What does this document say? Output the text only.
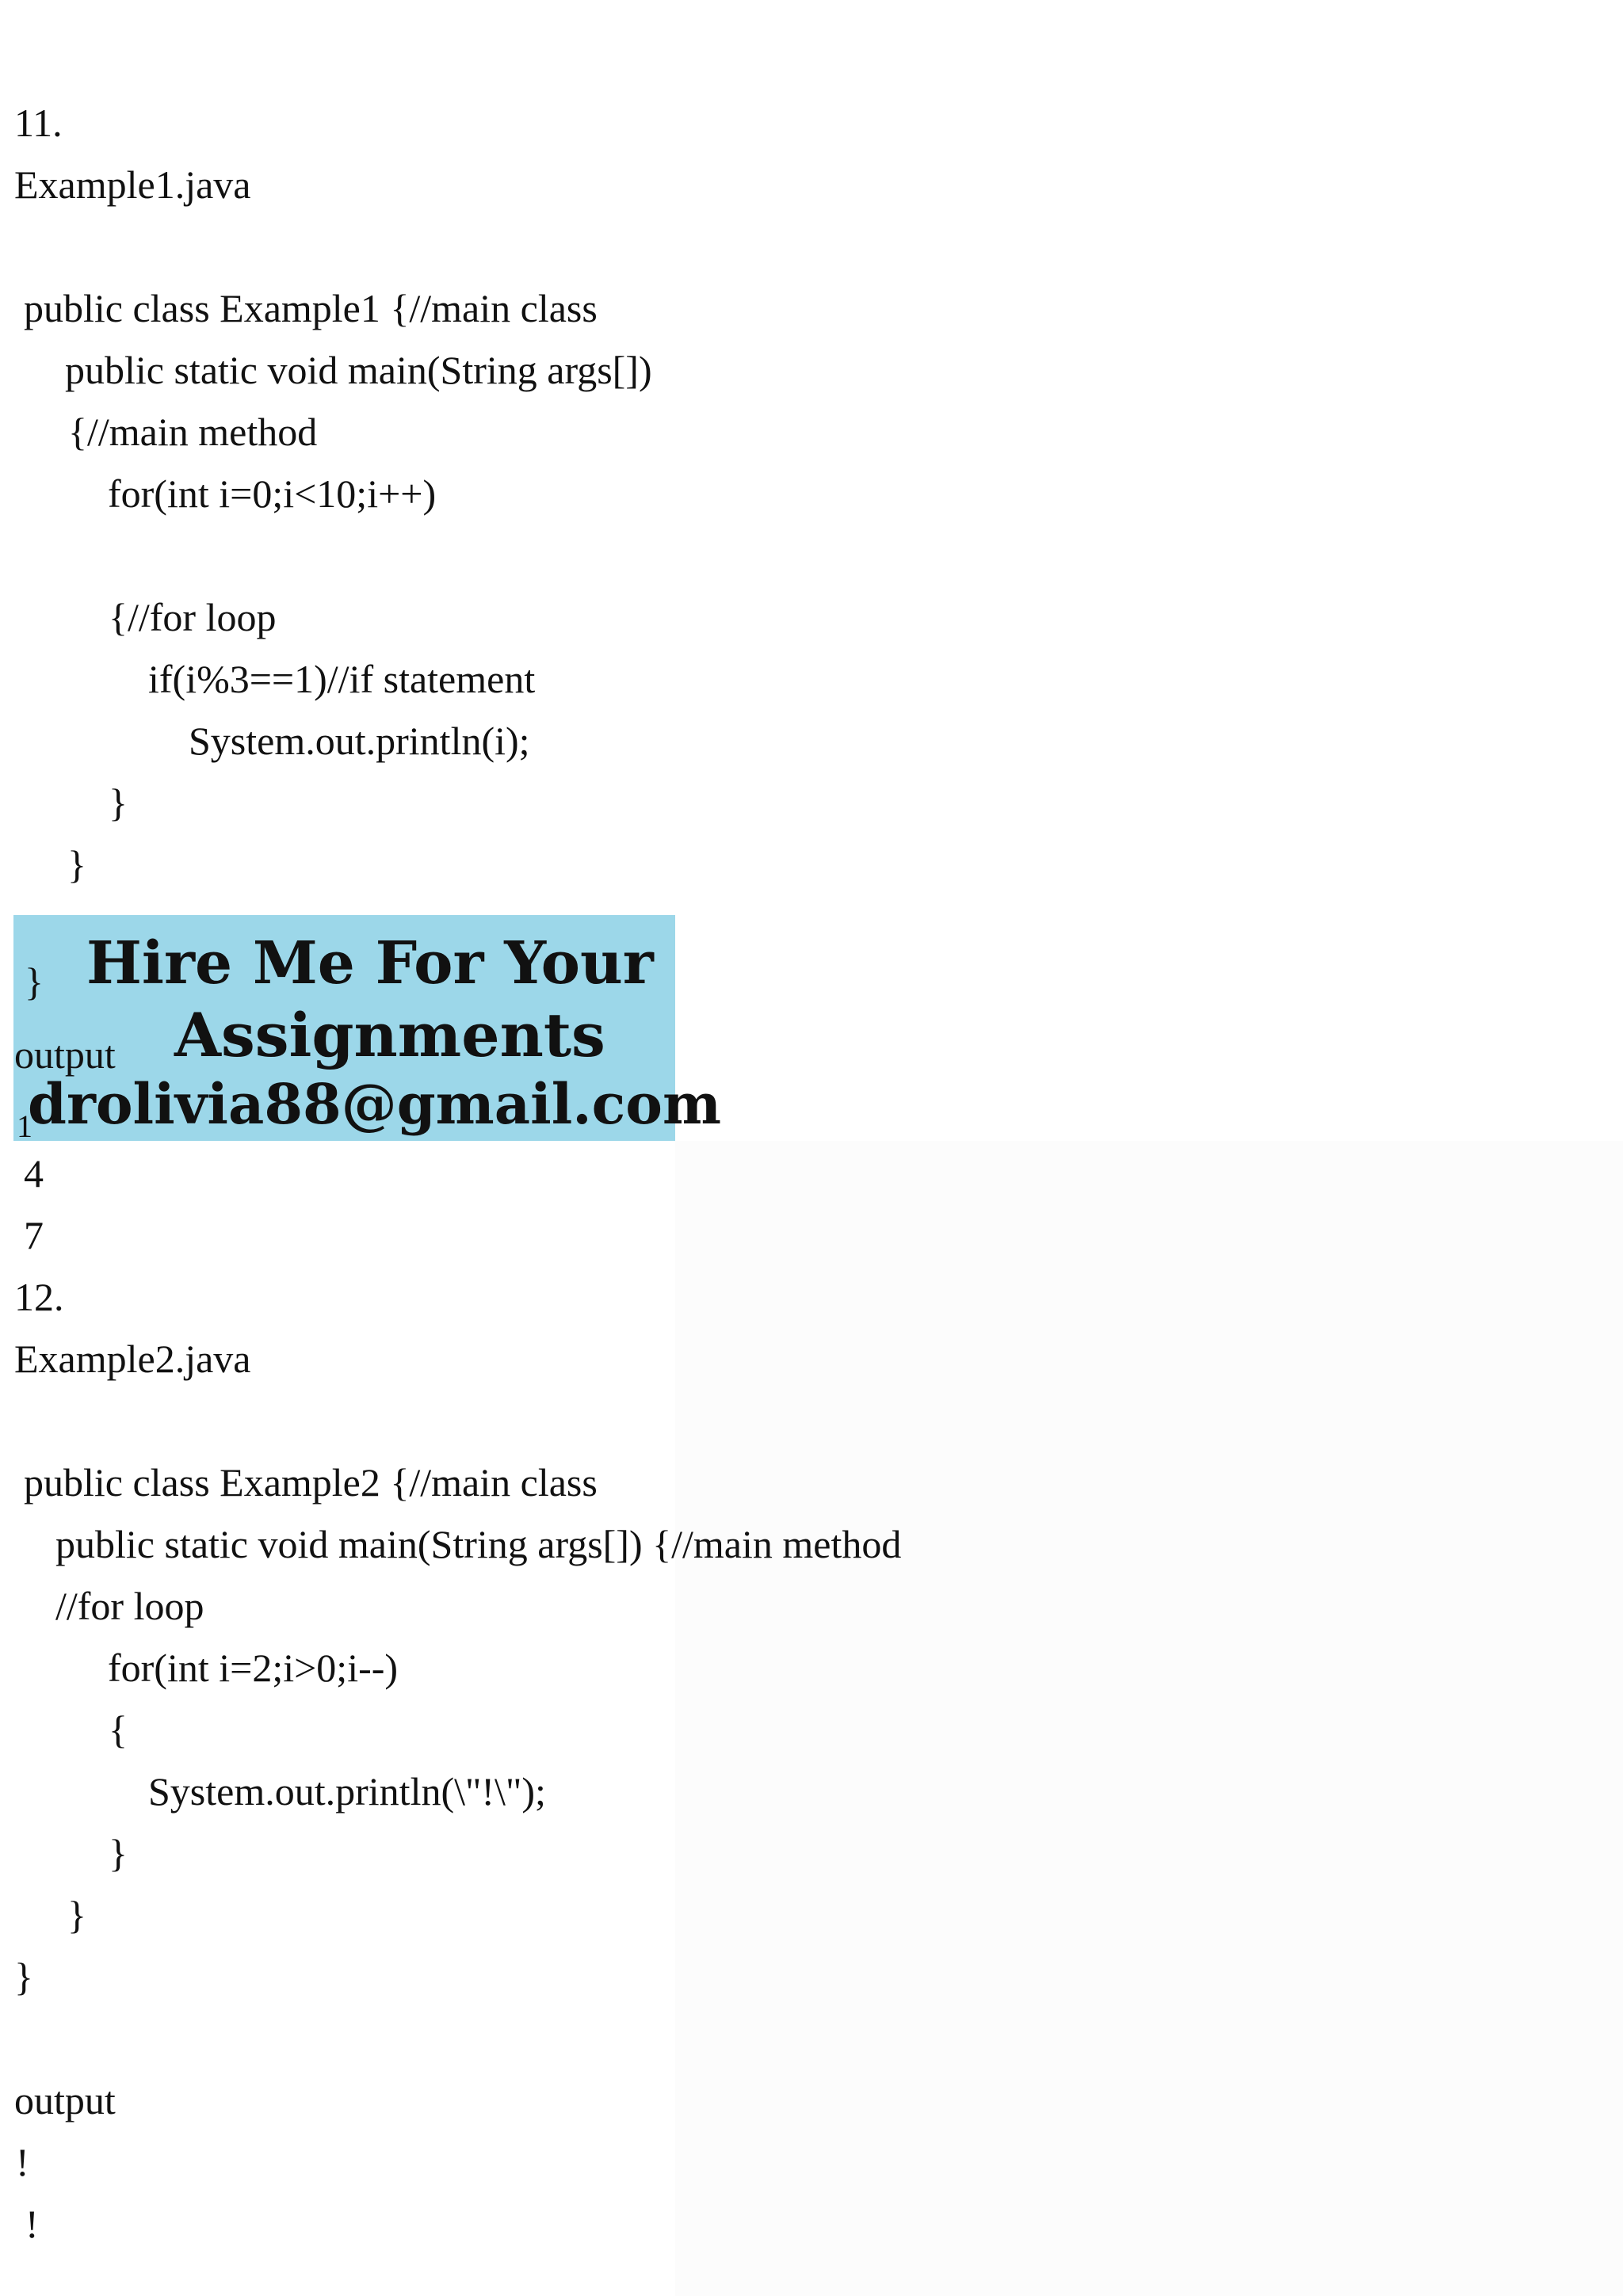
11.
Example1.java
public class Example1 {//main class
public static void main(String args[])
{//main method
for(int i=0;i<10;i++)
{//for loop
if(i%3==1)//if statement
System.out.println(i);
}
}
}
output
1
Hire Me For Your
Assignments
drolivia88@gmail.com
4
7
12.
Example2.java
public class Example2 {//main class
public static void main(String args[]) {//main method
//for loop
for(int i=2;i>0;i--)
{
System.out.println(\"!\");
}
}
}
output
!
!
